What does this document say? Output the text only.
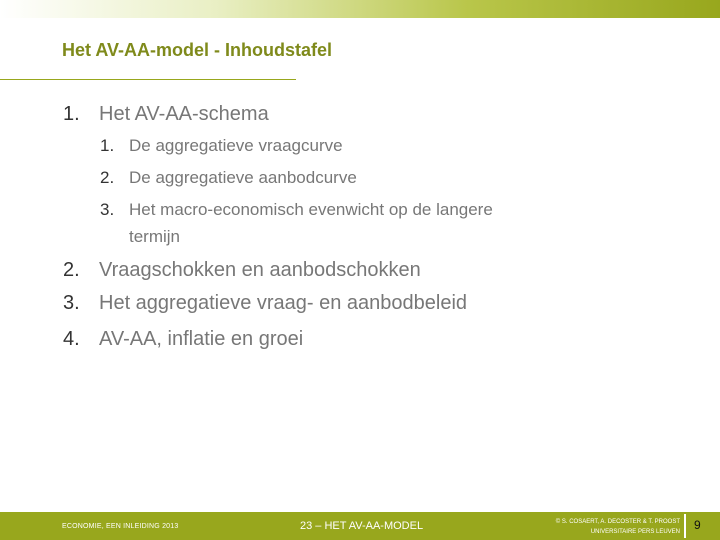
Het AV-AA-model - Inhoudstafel
1. Het AV-AA-schema
1. De aggregatieve vraagcurve
2. De aggregatieve aanbodcurve
3. Het macro-economisch evenwicht op de langere
termijn
2. Vraagschokken en aanbodschokken
3. Het aggregatieve vraag- en aanbodbeleid
4. AV-AA, inflatie en groei
ECONOMIE, EEN INLEIDING 2013	23 – HET AV-AA-MODEL	© S. COSAERT, A. DECOSTER & T. PROOST
UNIVERSITAIRE PERS LEUVEN 9
